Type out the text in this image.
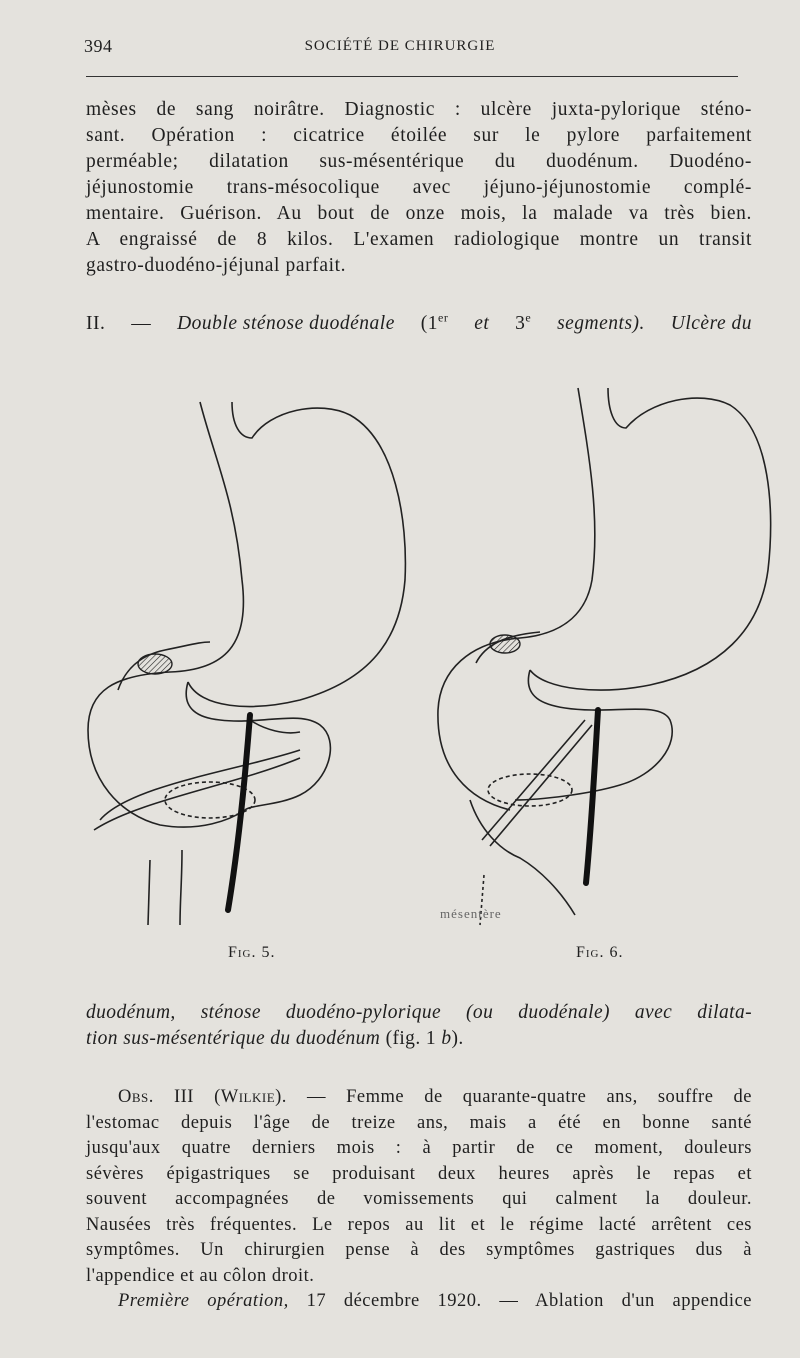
394	SOCIÉTÉ DE CHIRURGIE
mèses de sang noirâtre. Diagnostic : ulcère juxta-pylorique sténo-
sant. Opération : cicatrice étoilée sur le pylore parfaitement
perméable; dilatation sus-mésentérique du duodénum. Duodéno-
jéjunostomie trans-mésocolique avec jéjuno-jéjunostomie complé-
mentaire. Guérison. Au bout de onze mois, la malade va très bien.
A engraissé de 8 kilos. L'examen radiologique montre un transit
gastro-duodéno-jéjunal parfait.
II. — Double sténose duodénale (1er et 3e segments). Ulcère du
mésentère
Fig. 5.	Fig. 6.
duodénum, sténose duodéno-pylorique (ou duodénale) avec dilata-
tion sus-mésentérique du duodénum (fig. 1 b).
Obs. III (Wilkie). — Femme de quarante-quatre ans, souffre de
l'estomac depuis l'âge de treize ans, mais a été en bonne santé
jusqu'aux quatre derniers mois : à partir de ce moment, douleurs
sévères épigastriques se produisant deux heures après le repas et
souvent accompagnées de vomissements qui calment la douleur.
Nausées très fréquentes. Le repos au lit et le régime lacté arrêtent ces
symptômes. Un chirurgien pense à des symptômes gastriques dus à
l'appendice et au côlon droit.
Première opération, 17 décembre 1920. — Ablation d'un appendice
